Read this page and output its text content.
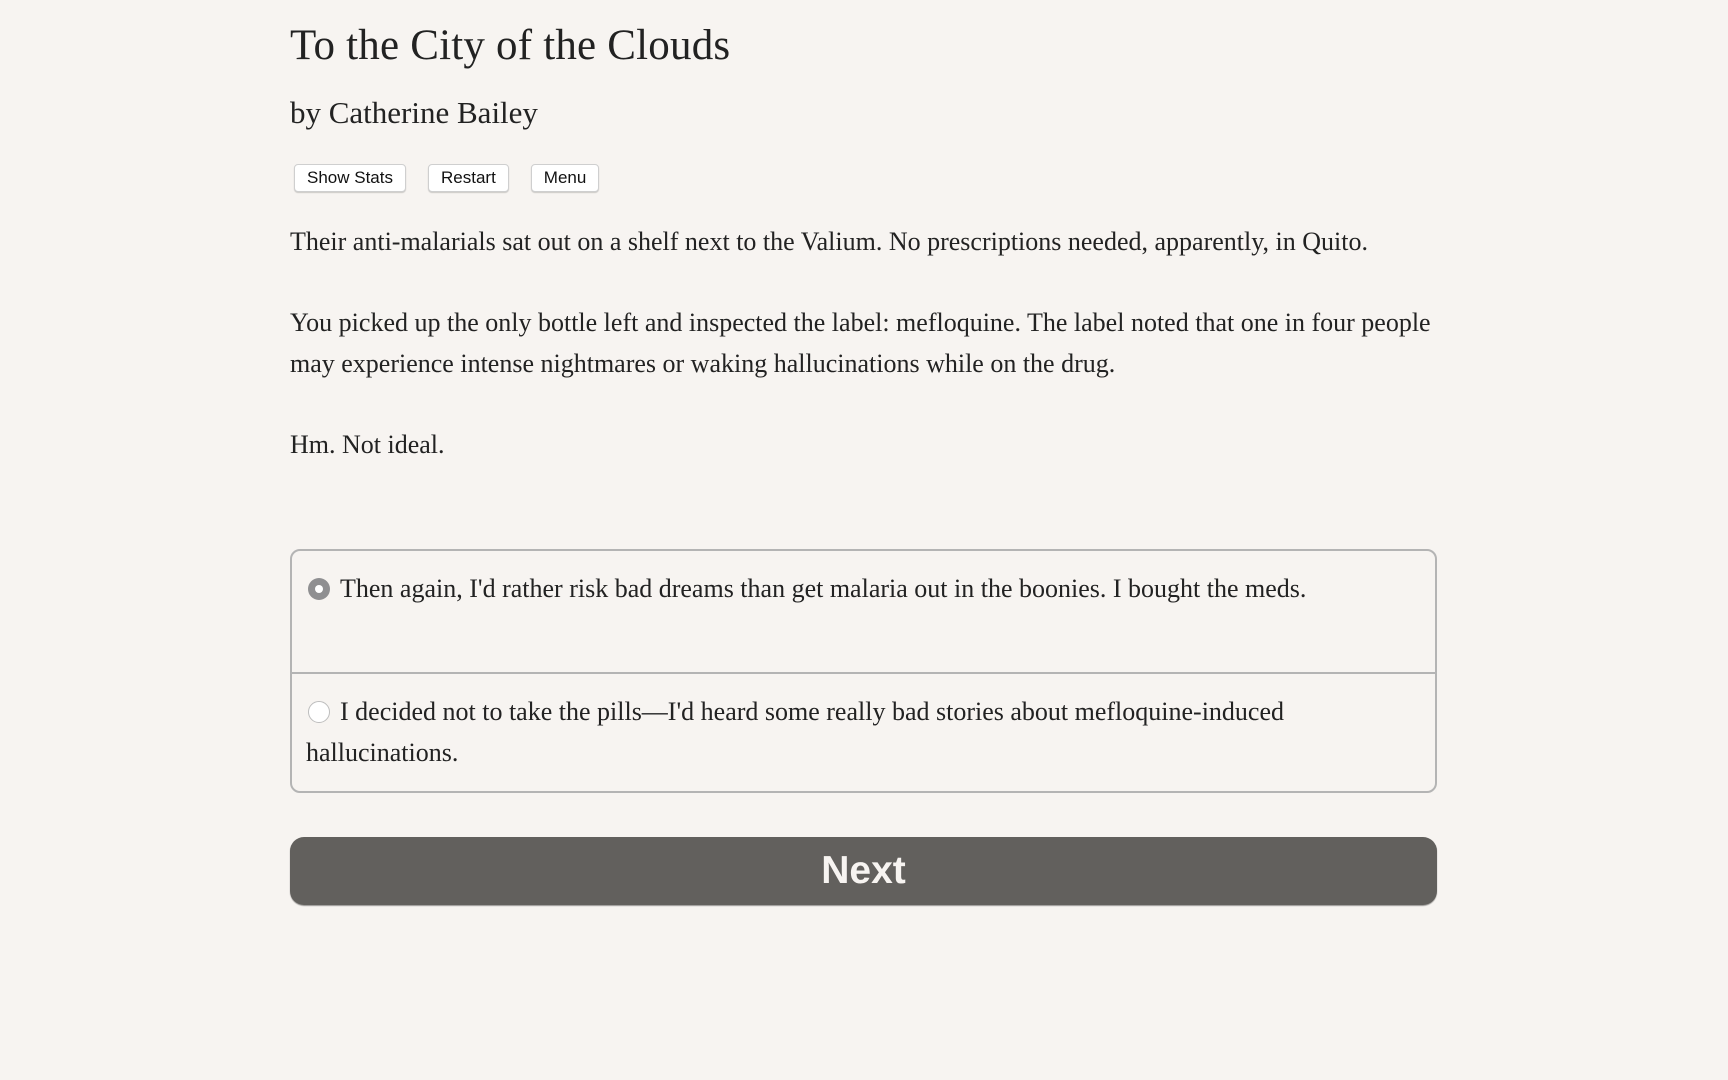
To the City of the Clouds
by Catherine Bailey
Show Stats	Restart	Menu

Their anti-malarials sat out on a shelf next to the Valium. No prescriptions needed, apparently, in Quito.

You picked up the only bottle left and inspected the label: mefloquine. The label noted that one in four people may experience intense nightmares or waking hallucinations while on the drug.

Hm. Not ideal.

Then again, I'd rather risk bad dreams than get malaria out in the boonies. I bought the meds.
I decided not to take the pills—I'd heard some really bad stories about mefloquine-induced hallucinations.
Next
